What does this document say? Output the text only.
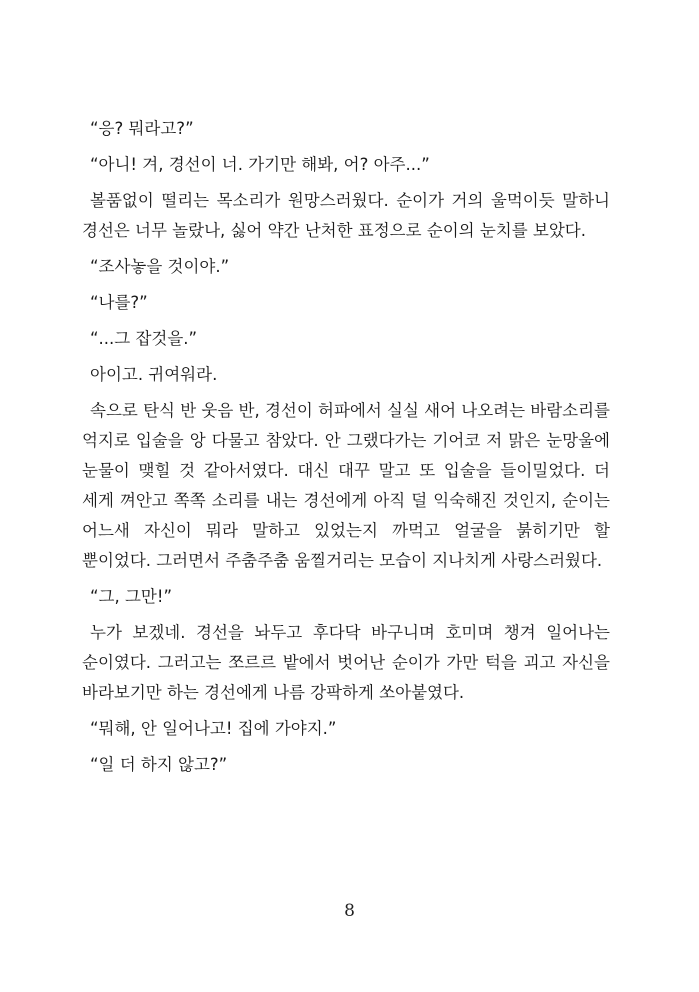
“응? 뭐라고?”

“아니! 겨, 경선이 너. 가기만 해봐, 어? 아주...”

볼품없이 떨리는 목소리가 원망스러웠다. 순이가 거의 울먹이듯 말하니 경선은 너무 놀랐나, 싫어 약간 난처한 표정으로 순이의 눈치를 보았다.

“조사놓을 것이야.”

“나를?”

“...그 잡것을.”

아이고. 귀여워라.

속으로 탄식 반 웃음 반, 경선이 허파에서 실실 새어 나오려는 바람소리를 억지로 입술을 앙 다물고 참았다. 안 그랬다가는 기어코 저 맑은 눈망울에 눈물이 맺힐 것 같아서였다. 대신 대꾸 말고 또 입술을 들이밀었다. 더 세게 껴안고 쪽쪽 소리를 내는 경선에게 아직 덜 익숙해진 것인지, 순이는 어느새 자신이 뭐라 말하고 있었는지 까먹고 얼굴을 붉히기만 할 뿐이었다. 그러면서 주춤주춤 움찔거리는 모습이 지나치게 사랑스러웠다.

“그, 그만!”

누가 보겠네. 경선을 놔두고 후다닥 바구니며 호미며 챙겨 일어나는 순이였다. 그러고는 쪼르르 밭에서 벗어난 순이가 가만 턱을 괴고 자신을 바라보기만 하는 경선에게 나름 강팍하게 쏘아붙였다.

“뭐해, 안 일어나고! 집에 가야지.”

“일 더 하지 않고?”

8
